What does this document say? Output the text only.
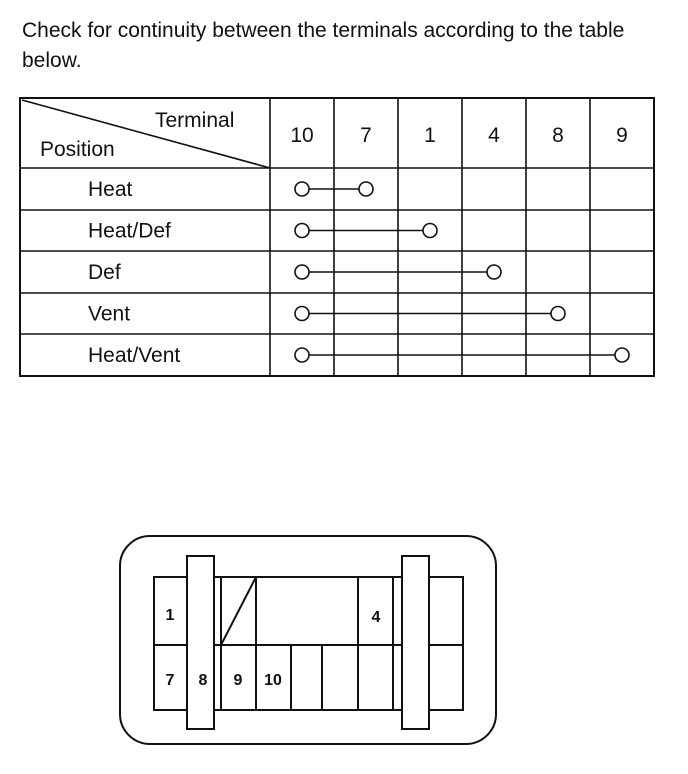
Check for continuity between the terminals according to the table below.

Terminal
Position
10 7 1 4 8 9
Heat
Heat/Def
Def
Vent
Heat/Vent
1	4
7 8 9 10
